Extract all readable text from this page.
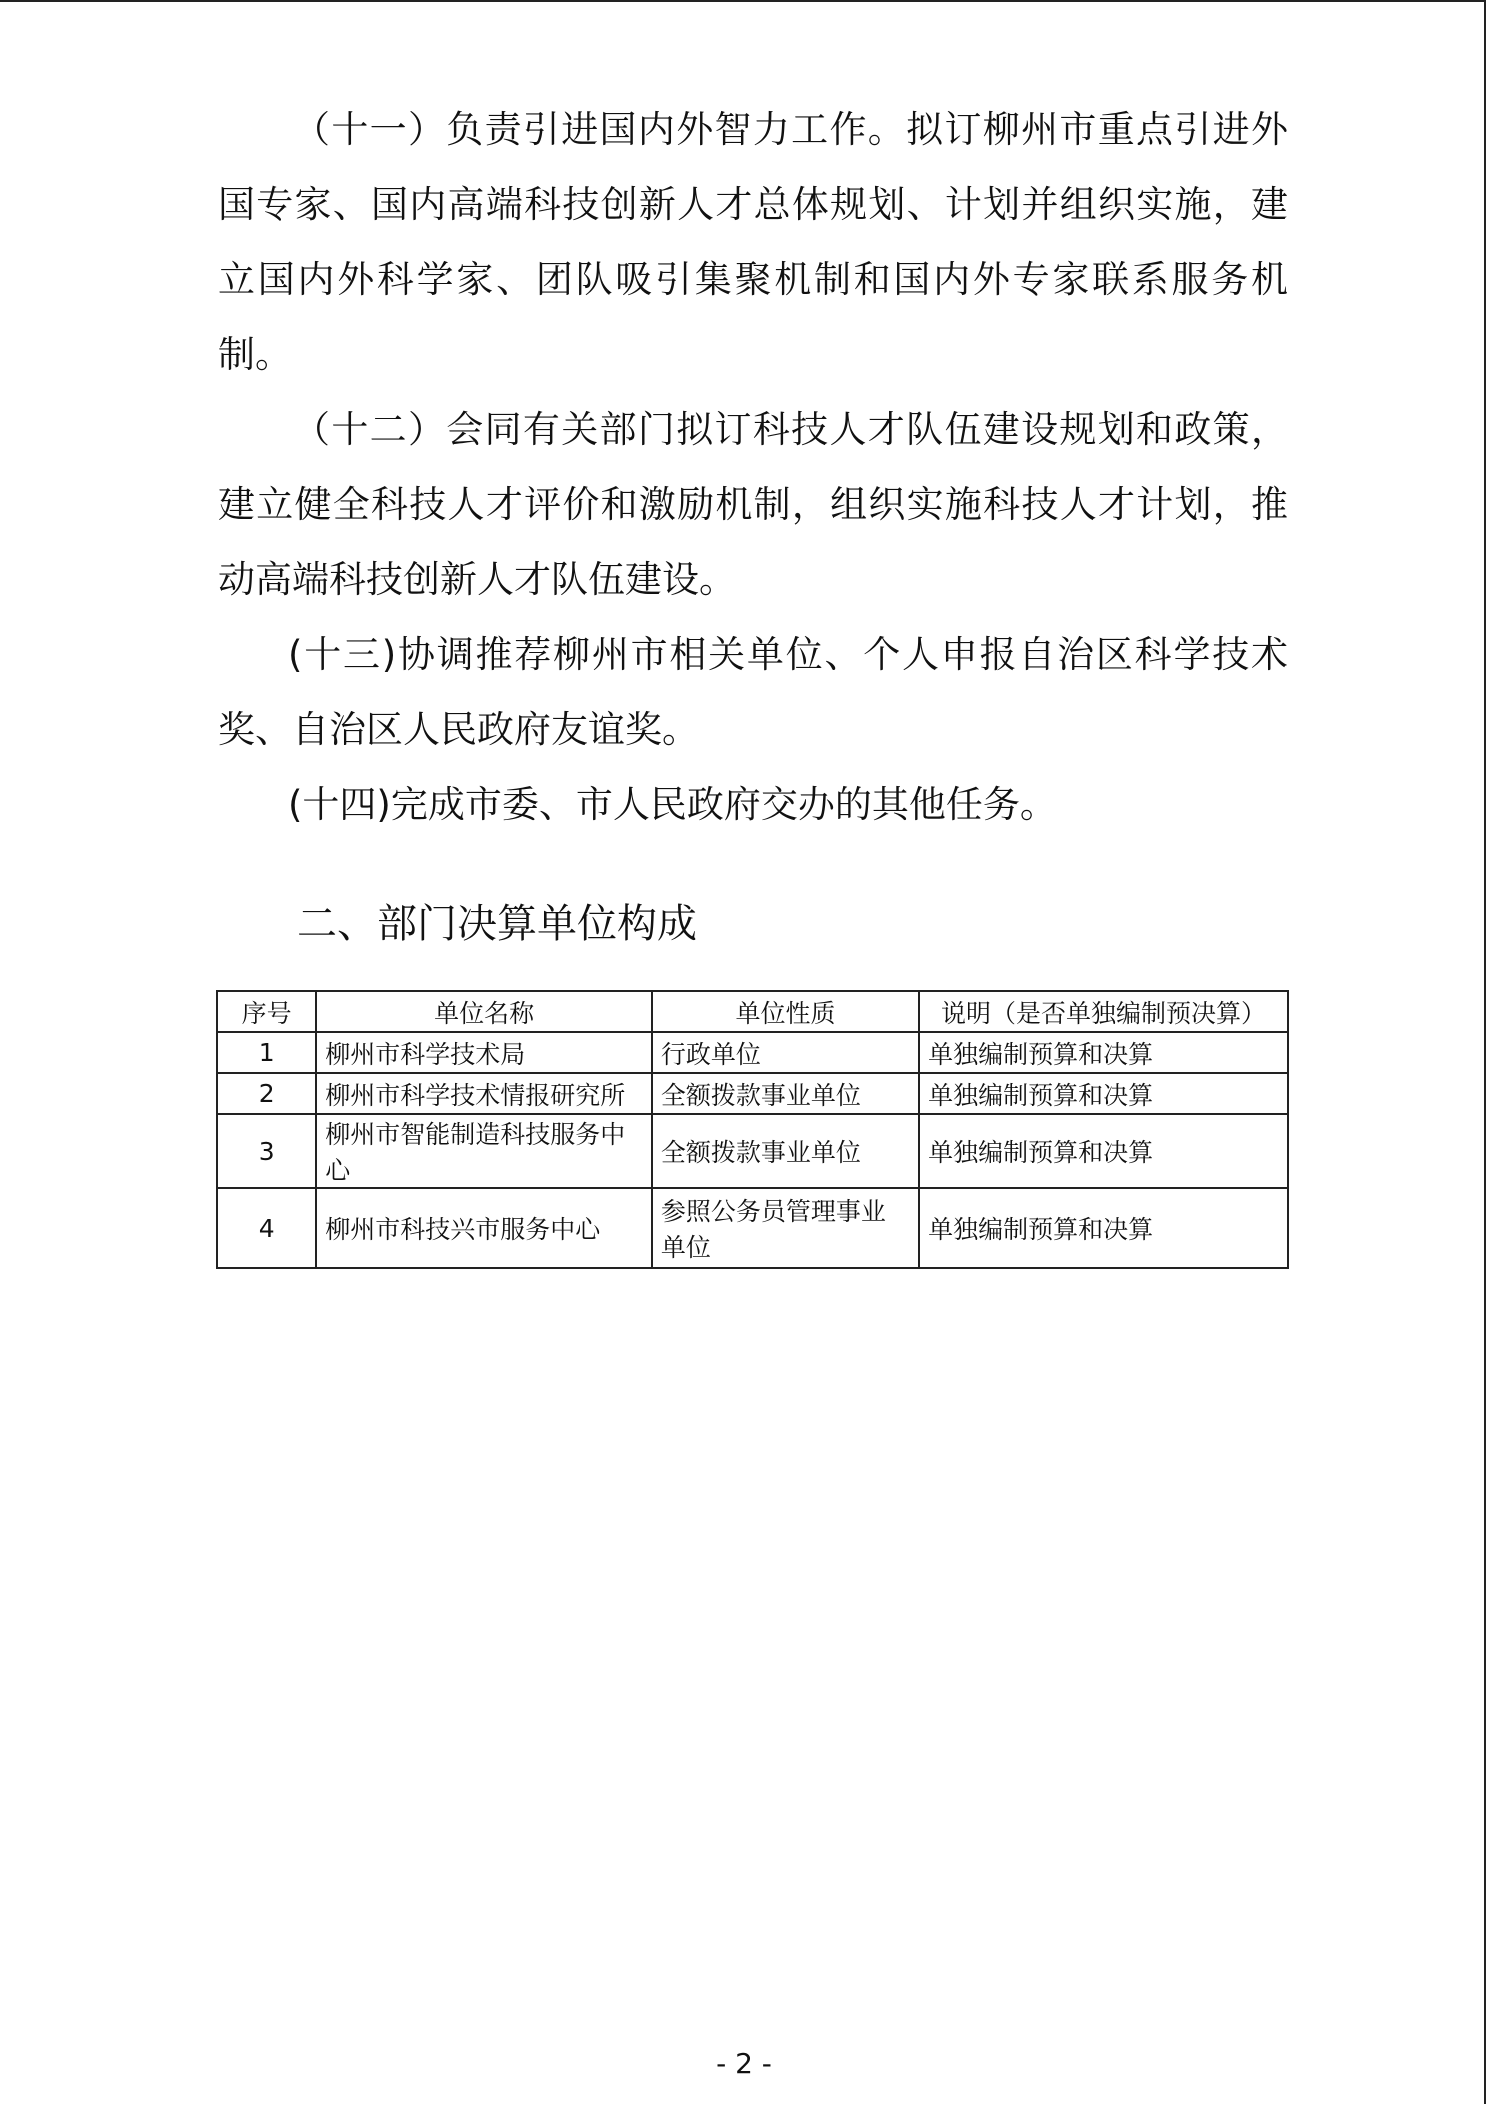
（十一）负责引进国内外智力工作。拟订柳州市重点引进外国专家、国内高端科技创新人才总体规划、计划并组织实施，建立国内外科学家、团队吸引集聚机制和国内外专家联系服务机制。

（十二）会同有关部门拟订科技人才队伍建设规划和政策，建立健全科技人才评价和激励机制，组织实施科技人才计划，推动高端科技创新人才队伍建设。

(十三)协调推荐柳州市相关单位、个人申报自治区科学技术奖、自治区人民政府友谊奖。

(十四)完成市委、市人民政府交办的其他任务。

二、部门决算单位构成
序号	单位名称	单位性质	说明（是否单独编制预决算）
1	柳州市科学技术局	行政单位	单独编制预算和决算
2	柳州市科学技术情报研究所	全额拨款事业单位	单独编制预算和决算
3	柳州市智能制造科技服务中心	全额拨款事业单位	单独编制预算和决算
4	柳州市科技兴市服务中心	参照公务员管理事业单位	单独编制预算和决算
- 2 -
